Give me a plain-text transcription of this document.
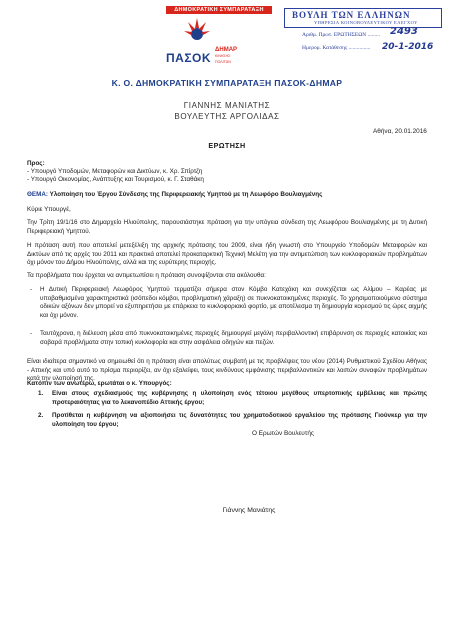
ΔΗΜΟΚΡΑΤΙΚΗ ΣΥΜΠΑΡΑΤΑΞΗ
ΠΑΣΟΚ
ΔΗΜΑΡ
ΚΙΝΗΣΗΣ
ΠΟΛΙΤΩΝ
ΒΟΥΛΗ ΤΩΝ ΕΛΛΗΝΩΝ
ΥΠΗΡΕΣΙΑ ΚΟΙΝΟΒΟΥΛΕΥΤΙΚΟΥ ΕΛΕΓΧΟΥ
Αριθμ. Πρωτ. ΕΡΩΤΗΣΕΩΝ .........
Ημερομ. Κατάθεσης ................
2493
20-1-2016
Κ. Ο. ΔΗΜΟΚΡΑΤΙΚΗ ΣΥΜΠΑΡΑΤΑΞΗ ΠΑΣΟΚ-ΔΗΜΑΡ
ΓΙΑΝΝΗΣ ΜΑΝΙΑΤΗΣ
ΒΟΥΛΕΥΤΗΣ ΑΡΓΟΛΙΔΑΣ
Αθήνα, 20.01.2016
ΕΡΩΤΗΣΗ
Προς:
- Υπουργό Υποδομών, Μεταφορών και Δικτύων, κ. Χρ. Σπίρτζη
- Υπουργό Οικονομίας, Ανάπτυξης και Τουρισμού, κ. Γ. Σταθάκη
ΘΕΜΑ: Υλοποίηση του Έργου Σύνδεσης της Περιφερειακής Υμηττού με τη Λεωφόρο Βουλιαγμένης
Κύριε Υπουργέ,
Την Τρίτη 19/1/16 στο Δημαρχείο Ηλιούπολης, παρουσιάστηκε πρόταση για την υπόγεια σύνδεση της Λεωφόρου Βουλιαγμένης με τη Δυτική Περιφερειακή Υμηττού.
Η πρόταση αυτή που αποτελεί μετεξέλιξη της αρχικής πρότασης του 2009, είναι ήδη γνωστή στο Υπουργείο Υποδομών Μεταφορών και Δικτύων από τις αρχές του 2011 και πρακτικά αποτελεί προκαταρκτική Τεχνική Μελέτη για την αντιμετώπιση των κυκλοφοριακών προβλημάτων όχι μόνον του Δήμου Ηλιούπολης, αλλά και της ευρύτερης περιοχής.
Τα προβλήματα που έρχεται να αντιμετωπίσει η πρόταση συνοψίζονται στα ακόλουθα:
- Η Δυτική Περιφερειακή Λεωφόρος Υμηττού τερματίζει σήμερα στον Κόμβο Κατεχάκη και συνεχίζεται ως Αλίμου – Καρέας με υποβαθμισμένα χαρακτηριστικά (ισόπεδοι κόμβοι, προβληματική χάραξη) σε πυκνοκατοικημένες περιοχές. Το χρησιμοποιούμενο σύστημα οδικών αξόνων δεν μπορεί να εξυπηρετήσει με επάρκεια το κυκλοφοριακό φορτίο, με αποτέλεσμα τη δημιουργία κορεσμού τις ώρες αιχμής και όχι μόνον.
- Ταυτόχρονα, η διέλευση μέσα από πυκνοκατοικημένες περιοχές δημιουργεί μεγάλη περιβαλλοντική επιβάρυνση σε περιοχές κατοικίας και σοβαρά προβλήματα στην τοπική κυκλοφορία και στην ασφάλεια οδηγών και πεζών.
Είναι ιδιαίτερα σημαντικό να σημειωθεί ότι η πρόταση είναι απολύτως συμβατή με τις προβλέψεις του νέου (2014) Ρυθμιστικού Σχεδίου Αθήνας - Αττικής και υπό αυτό το πρίσμα περιορίζει, αν όχι εξαλείφει, τους κινδύνους εμφάνισης περιβαλλοντικών και λοιπών συναφών προβλημάτων κατά την υλοποίησή της.
Κατόπιν των ανωτέρω, ερωτάται ο κ. Υπουργός:
1. Είναι στους σχεδιασμούς της κυβέρνησης η υλοποίηση ενός τέτοιου μεγέθους υπερτοπικής εμβέλειας και πρώτης προτεραιότητας για το λεκανοπέδιο Αττικής έργου;
2. Προτίθεται η κυβέρνηση να αξιοποιήσει τις δυνατότητες του χρηματοδοτικού εργαλείου της πρότασης Γιούνκερ για την υλοποίηση του έργου;
Ο Ερωτών Βουλευτής
Γιάννης Μανιάτης
